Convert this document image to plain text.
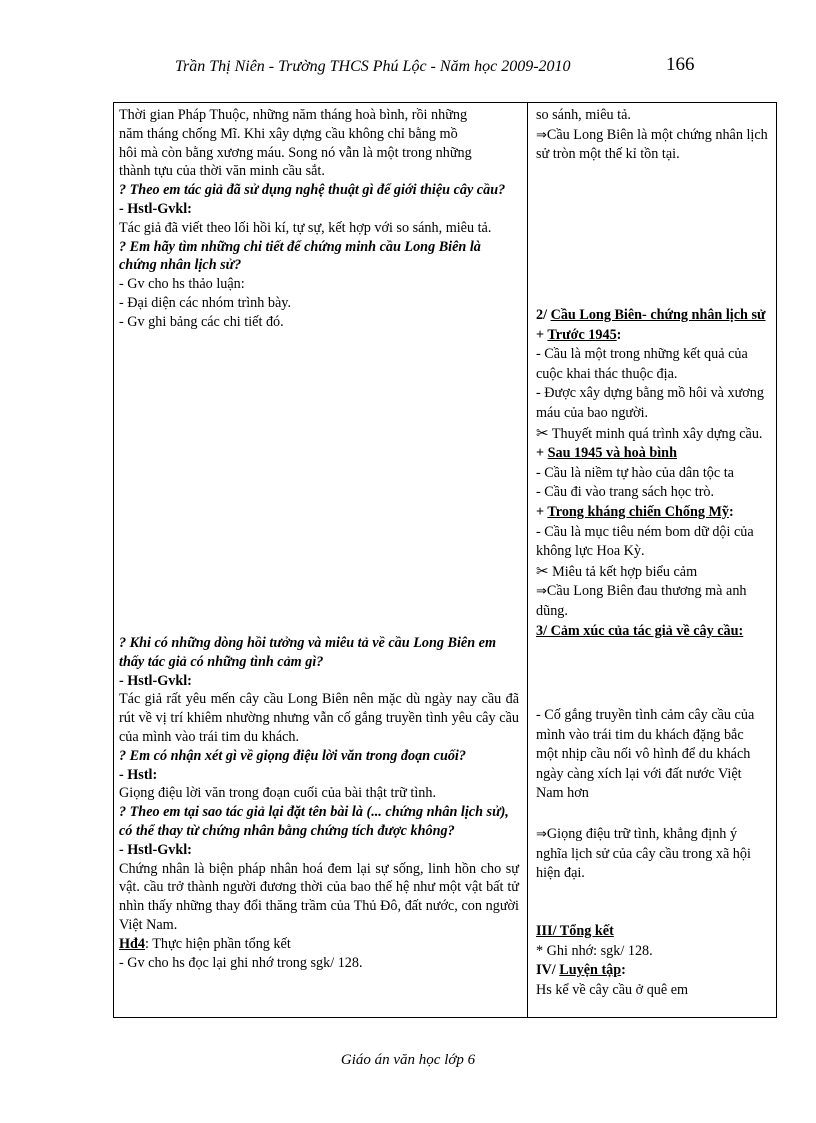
Trần Thị Niên - Trường THCS Phú Lộc - Năm học 2009-2010	166

Thời gian Pháp Thuộc, những năm tháng hoà bình, rồi những

năm tháng chống Mĩ. Khi xây dựng cầu không chỉ bằng mồ

hôi mà còn bằng xương máu. Song nó vẫn là một trong những

thành tựu của thời văn minh cầu sắt.

? Theo em tác giả đã sử dụng nghệ thuật gì để giới thiệu cây cầu?

- Hstl-Gvkl:

Tác giả đã viết theo lối hồi kí, tự sự, kết hợp với so sánh, miêu tả.

? Em hãy tìm những chi tiết để chứng minh cầu Long Biên là chứng nhân lịch sử?

- Gv cho hs thảo luận:

- Đại diện các nhóm trình bày.

- Gv ghi bảng các chi tiết đó.

? Khi có những dòng hồi tưởng và miêu tả về cầu Long Biên em thấy tác giả có những tình cảm gì?

- Hstl-Gvkl:

Tác giả rất yêu mến cây cầu Long Biên nên mặc dù ngày nay cầu đã rút về vị trí khiêm nhường nhưng vẫn cố gắng truyền tình yêu cây cầu của mình vào trái tim du khách.

? Em có nhận xét gì về giọng điệu lời văn trong đoạn cuối?

- Hstl:

Giọng điệu lời văn trong đoạn cuối của bài thật trữ tình.

? Theo em tại sao tác giả lại đặt tên bài là (... chứng nhân lịch sử), có thể thay từ chứng nhân bằng chứng tích được không?

- Hstl-Gvkl:

Chứng nhân là biện pháp nhân hoá đem lại sự sống, linh hồn cho sự vật. cầu trở thành người đương thời của bao thế hệ như một vật bất tử nhìn thấy những thay đổi thăng trầm của Thủ Đô, đất nước, con người Việt Nam.

Hđ4: Thực hiện phần tổng kết

- Gv cho hs đọc lại ghi nhớ trong sgk/ 128.

so sánh, miêu tả.

⇒Cầu Long Biên là một chứng nhân lịch sử tròn một thế kỉ tồn tại.

2/ Cầu Long Biên- chứng nhân lịch sử

+ Trước 1945:

- Cầu là một trong những kết quả của cuộc khai thác thuộc địa.

- Được xây dựng bằng mồ hôi và xương máu của bao người.

✂ Thuyết minh quá trình xây dựng cầu.

+ Sau 1945 và hoà bình

- Cầu là niềm tự hào của dân tộc ta

- Cầu đi vào trang sách học trò.

+ Trong kháng chiến Chống Mỹ:

- Cầu là mục tiêu ném bom dữ dội của không lực Hoa Kỳ.

✂ Miêu tả kết hợp biểu cảm

⇒Cầu Long Biên đau thương mà anh dũng.

3/ Cảm xúc của tác giả về cây cầu:

- Cố gắng truyền tình cảm cây cầu của mình vào trái tim du khách đặng bắc một nhịp cầu nối vô hình để du khách ngày càng xích lại với đất nước Việt Nam hơn

⇒Giọng điệu trữ tình, khẳng định ý nghĩa lịch sử của cây cầu trong xã hội hiện đại.

III/ Tổng kết

* Ghi nhớ: sgk/ 128.

IV/ Luyện tập:

Hs kể về cây cầu ở quê em

Giáo án văn học lớp 6
